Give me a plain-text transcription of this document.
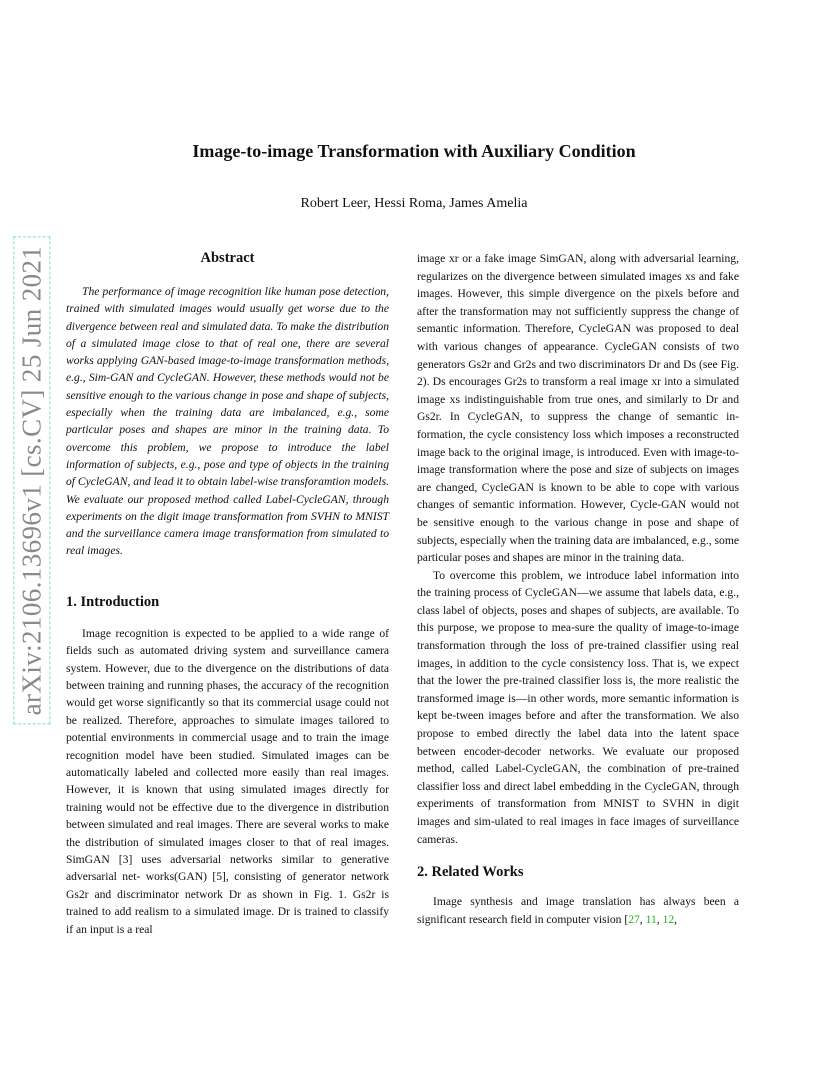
arXiv:2106.13696v1 [cs.CV] 25 Jun 2021
Image-to-image Transformation with Auxiliary Condition

Robert Leer, Hessi Roma, James Amelia

Abstract

The performance of image recognition like human pose detection, trained with simulated images would usually get worse due to the divergence between real and simulated data. To make the distribution of a simulated image close to that of real one, there are several works applying GAN-based image-to-image transformation methods, e.g., Sim-GAN and CycleGAN. However, these methods would not be sensitive enough to the various change in pose and shape of subjects, especially when the training data are imbalanced, e.g., some particular poses and shapes are minor in the training data. To overcome this problem, we propose to introduce the label information of subjects, e.g., pose and type of objects in the training of CycleGAN, and lead it to obtain label-wise transforamtion models. We evaluate our proposed method called Label-CycleGAN, through experiments on the digit image transformation from SVHN to MNIST and the surveillance camera image transformation from simulated to real images.

1. Introduction

Image recognition is expected to be applied to a wide range of fields such as automated driving system and surveillance camera system. However, due to the divergence on the distributions of data between training and running phases, the accuracy of the recognition would get worse significantly so that its commercial usage could not be realized. Therefore, approaches to simulate images tailored to potential environments in commercial usage and to train the image recognition model have been studied. Simulated images can be automatically labeled and collected more easily than real images. However, it is known that using simulated images directly for training would not be effective due to the divergence in distribution between simulated and real images. There are several works to make the distribution of simulated images closer to that of real images. SimGAN [3] uses adversarial networks similar to generative adversarial net- works(GAN) [5], consisting of generator network Gs2r and discriminator network Dr as shown in Fig. 1. Gs2r is trained to add realism to a simulated image. Dr is trained to classify if an input is a real

image xr or a fake image SimGAN, along with adversarial learning, regularizes on the divergence between simulated images xs and fake images. However, this simple divergence on the pixels before and after the transformation may not sufficiently suppress the change of semantic information. Therefore, CycleGAN was proposed to deal with various changes of appearance. CycleGAN consists of two generators Gs2r and Gr2s and two discriminators Dr and Ds (see Fig. 2). Ds encourages Gr2s to transform a real image xr into a simulated image xs indistinguishable from true ones, and similarly to Dr and Gs2r. In CycleGAN, to suppress the change of semantic in-formation, the cycle consistency loss which imposes a reconstructed image back to the original image, is introduced. Even with image-to-image transformation where the pose and size of subjects on images are changed, CycleGAN is known to be able to cope with various changes of semantic information. However, Cycle-GAN would not be sensitive enough to the various change in pose and shape of subjects, especially when the training data are imbalanced, e.g., some particular poses and shapes are minor in the training data.

To overcome this problem, we introduce label information into the training process of CycleGAN—we assume that labels data, e.g., class label of objects, poses and shapes of subjects, are available. To this purpose, we propose to mea-sure the quality of image-to-image transformation through the loss of pre-trained classifier using real images, in addition to the cycle consistency loss. That is, we expect that the lower the pre-trained classifier loss is, the more realistic the transformed image is—in other words, more semantic information is kept be-tween images before and after the transformation. We also propose to embed directly the label data into the latent space between encoder-decoder networks. We evaluate our proposed method, called Label-CycleGAN, the combination of pre-trained classifier loss and direct label embedding in the CycleGAN, through experiments of transformation from MNIST to SVHN in digit images and sim-ulated to real images in face images of surveillance cameras.

2. Related Works

Image synthesis and image translation has always been a significant research field in computer vision [27, 11, 12,
